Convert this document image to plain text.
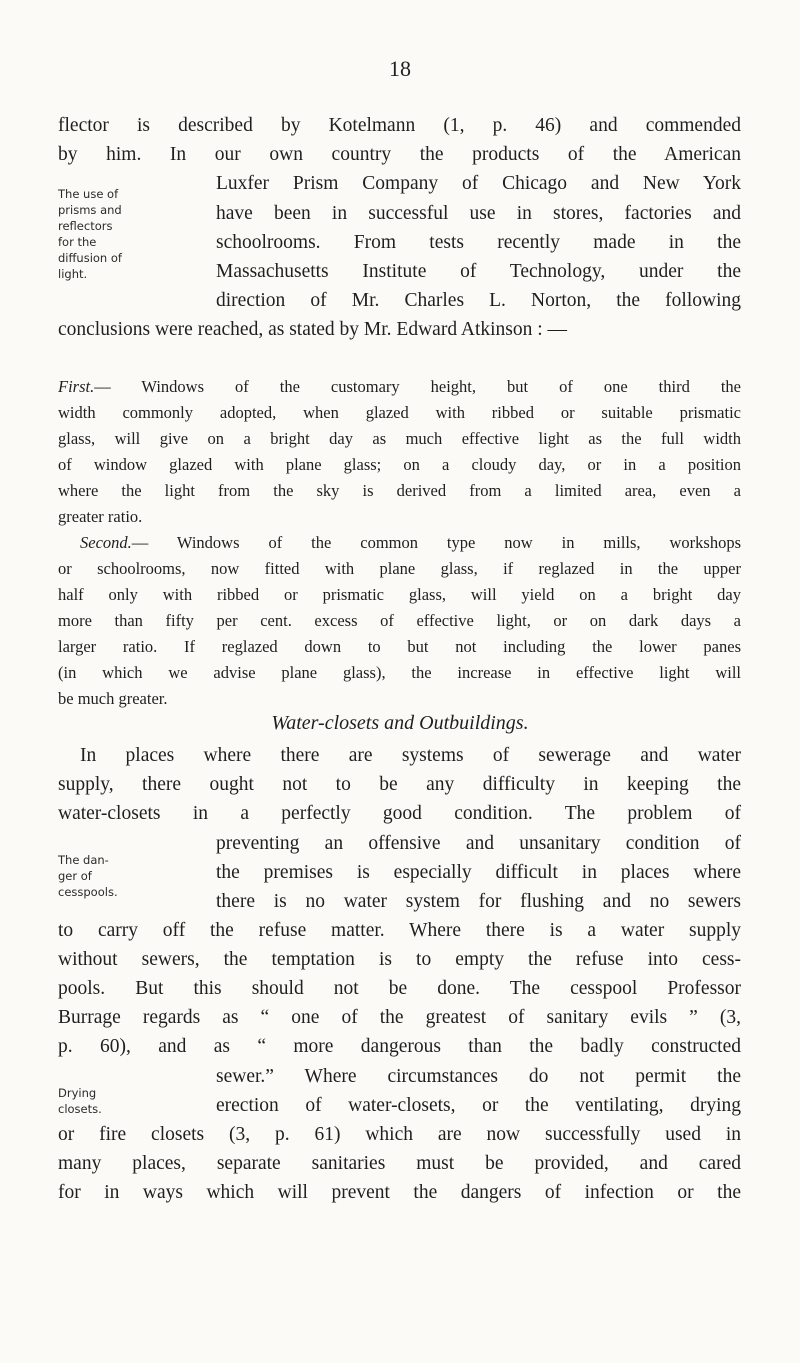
18

flector is described by Kotelmann (1, p. 46) and commended

by him. In our own country the products of the American

Luxfer Prism Company of Chicago and New York

have been in successful use in stores, factories and

schoolrooms. From tests recently made in the

Massachusetts Institute of Technology, under the

direction of Mr. Charles L. Norton, the following

conclusions were reached, as stated by Mr. Edward Atkinson : —

The use of
prisms and
reflectors
for the
diffusion of
light.

First.— Windows of the customary height, but of one third the

width commonly adopted, when glazed with ribbed or suitable prismatic

glass, will give on a bright day as much effective light as the full width

of window glazed with plane glass; on a cloudy day, or in a position

where the light from the sky is derived from a limited area, even a

greater ratio.

Second.— Windows of the common type now in mills, workshops

or schoolrooms, now fitted with plane glass, if reglazed in the upper

half only with ribbed or prismatic glass, will yield on a bright day

more than fifty per cent. excess of effective light, or on dark days a

larger ratio. If reglazed down to but not including the lower panes

(in which we advise plane glass), the increase in effective light will

be much greater.

Water-closets and Outbuildings.

In places where there are systems of sewerage and water

supply, there ought not to be any difficulty in keeping the

water-closets in a perfectly good condition. The problem of

preventing an offensive and unsanitary condition of

the premises is especially difficult in places where

there is no water system for flushing and no sewers

to carry off the refuse matter. Where there is a water supply

without sewers, the temptation is to empty the refuse into cess-

pools. But this should not be done. The cesspool Professor

Burrage regards as “ one of the greatest of sanitary evils ” (3,

p. 60), and as “ more dangerous than the badly constructed

sewer.” Where circumstances do not permit the

erection of water-closets, or the ventilating, drying

or fire closets (3, p. 61) which are now successfully used in

many places, separate sanitaries must be provided, and cared

for in ways which will prevent the dangers of infection or the

The dan-
ger of
cesspools.
Drying
closets.
